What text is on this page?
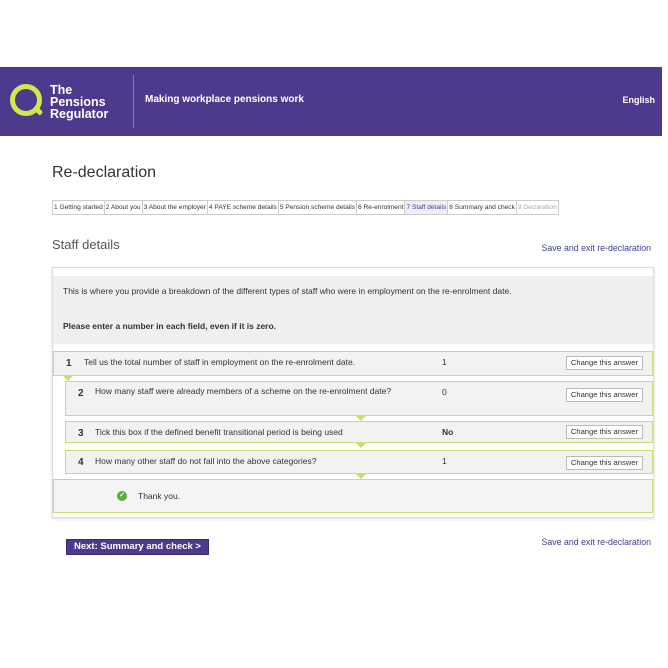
The
Pensions
Regulator
Making workplace pensions work	English
Re-declaration
1 Getting started 2 About you 3 About the employer 4 PAYE scheme details 5 Pension scheme details 6 Re-enrolment 7 Staff details 8 Summary and check 9 Declaration
Staff details	Save and exit re-declaration
This is where you provide a breakdown of the different types of staff who were in employment on the re-enrolment date.
Please enter a number in each field, even if it is zero.
1 Tell us the total number of staff in employment on the re-enrolment date.	1	Change this answer
2 How many staff were already members of a scheme on the re-enrolment date?	0	Change this answer
3 Tick this box if the defined benefit transitional period is being used	No	Change this answer
4 How many other staff do not fall into the above categories?	1	Change this answer
✓ Thank you.
Next: Summary and check >	Save and exit re-declaration
